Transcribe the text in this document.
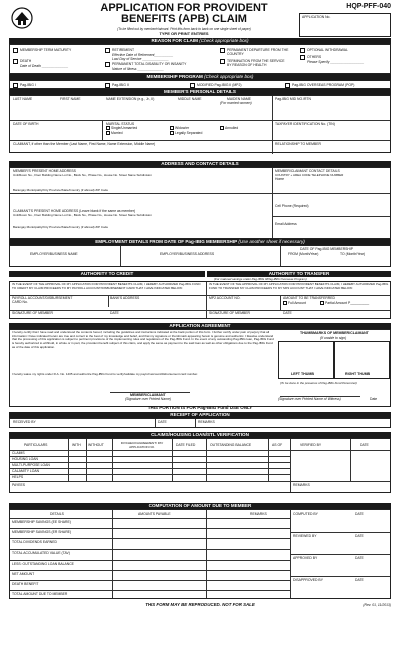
APPLICATION FOR PROVIDENT
BENEFITS (APB) CLAIM
(To be filled out by member/claimant. Print this form back to back on one single sheet of paper)
TYPE OR PRINT ENTRIES
HQP-PFF-040
APPLICATION No.
REASON FOR CLAIM (Check appropriate box)
MEMBERSHIP TERM MATURITY
DEATH
Date of Death ______________
RETIREMENT
Effective Date of Retirement__________
Last Day of Service ______________
PERMANENT TOTAL DISABILITY OR INSANITY
Nature of Illness ______________
PERMANENT DEPARTURE FROM THE COUNTRY
TERMINATION FROM THE SERVICE BY REASON OF HEALTH
OPTIONAL WITHDRAWAL
OTHERS
Please Specify __________________
MEMBERSHIP PROGRAM (Check appropriate box)
Pag-IBIG I	Pag-IBIG II	MODIFIED Pag-IBIG II (MP2)	Pag-IBIG OVERSEAS PROGRAM (POP)
MEMBER'S PERSONAL DETAILS
LAST NAME	FIRST NAME	NAME EXTENSION (e.g., Jr., II)	MIDDLE NAME	MAIDEN NAME
(For married women)
Pag-IBIG MID NO./RTN
DATE OF BIRTH	MARITAL STATUS
Single/Unmarried	Widow/er	Annulled
Married	Legally Separated
TAXPAYER IDENTIFICATION No. (TIN)
CLAIMANT, if other than the Member (Last Name, First Name, Name Extension, Middle Name)	RELATIONSHIP TO MEMBER
ADDRESS AND CONTACT DETAILS
MEMBER'S PRESENT HOME ADDRESS
Unit/Room No., Floor Building Name Lot No., Block No., Phase No., House No. Street Name Subdivision
Barangay Municipality/City Province/State/Country (if abroad) ZIP Code
CLAIMANT'S PRESENT HOME ADDRESS (Leave blank if the same as member)
Unit/Room No., Floor Building Name Lot No., Block No., Phase No., House No. Street Name Subdivision
Barangay Municipality/City Province/State/Country (if abroad) ZIP Code
MEMBER/CLAIMANT CONTACT DETAILS
COUNTRY + AREA CODE TELEPHONE NUMBER
Home
Cell Phone (Required)
Email Address
EMPLOYMENT DETAILS FROM DATE OF Pag-IBIG MEMBERSHIP (Use another sheet if necessary)
EMPLOYER/BUSINESS NAME	EMPLOYER/BUSINESS ADDRESS
DATE OF Pag-IBIG MEMBERSHIP
FROM (Month/Year)	TO (Month/Year)
AUTHORITY TO CREDIT	AUTHORITY TO TRANSFER
(For matured savings under Pag-IBIG II/Pag-IBIG Overseas Program)
IN THE EVENT OF THE APPROVAL OF MY APPLICATION FOR PROVIDENT BENEFITS CLAIM, I HEREBY AUTHORIZED Pag-IBIG FUND TO CREDIT MY CLAIM PROCEEDS TO MY PAYROLL ACCOUNT/DISBURSEMENT CARD THAT I HAVE INDICATED BELOW:
PAYROLL ACCOUNT/DISBURSEMENT CARD No.
BANK'S ADDRESS
SIGNATURE OF MEMBER	DATE
IN THE EVENT OF THE APPROVAL OF MY APPLICATION FOR PROVIDENT BENEFITS CLAIM, I HEREBY AUTHORIZED Pag-IBIG FUND TO TRANSFER MY CLAIM PROCEEDS TO MY MP2 ACCOUNT THAT I HAVE INDICATED BELOW:
MP2 ACCOUNT NO.	AMOUNT TO BE TRANSFERRED
Full Amount	Partial Amount P__________
SIGNATURE OF MEMBER	DATE
APPLICATION AGREEMENT
I hereby certify that I have read and understood the contents hereof, including the guidelines and instructions indicated at the back portion of this form. I further certify under pain of perjury that all information I have indicated herein are true and correct to the best of my knowledge and belief, and that my signature or thumbmark appearing herein is genuine and authentic. I likewise understand that the processing of this application is subject to pertinent provisions of the implementing rules and regulations of the Pag-IBIG Fund. In the event of any outstanding Pag-IBIG loan, Pag-IBIG Fund is hereby authorized to withhold, in whole or in part, the provident benefit subject of this claim, and apply the same as payment to the said loan as well as other obligations due to the Pag-IBIG Fund as of the date of this application.
I hereby waive my rights under R.A. No. 1405 and authorize Pag-IBIG Fund to verify/validate my payroll account/disbursement card number.
THUMBMARKS OF MEMBER/CLAIMANT
(If unable to sign)
LEFT THUMB	RIGHT THUMB
(To be done in the presence of Pag-IBIG Fund Personnel)
MEMBER/CLAIMANT
(Signature over Printed Name)	(Signature over Printed Name of Witness)	Date
THIS PORTION IS FOR Pag-IBIG Fund USE ONLY
RECEIPT OF APPLICATION
RECEIVED BY	DATE	REMARKS
CLAIMS/HOUSING LOAN/STL VERIFICATION
PARTICULARS	WITH WITHOUT	DV/CHECK/AGREEMENT/ PAY APPLICATION NO.	DATE FILED	OUTSTANDING BALANCE	AS OF	VERIFIED BY	DATE
CLAIMS
HOUSING LOAN
MULTI-PURPOSE LOAN
CALAMITY LOAN
HELPS
PAYEES	REMARKS
COMPUTATION OF AMOUNT DUE TO MEMBER
DETAILS	AMOUNTS PAYABLE	REMARKS
MEMBERSHIP SAVINGS (EE SHARE)
MEMBERSHIP SAVINGS (ER SHARE)
TOTAL DIVIDENDS EARNED
TOTAL ACCUMULATED VALUE (TAV)
LESS: OUTSTANDING LOAN BALANCE
NET AMOUNT
DEATH BENEFIT
TOTAL AMOUNT DUE TO MEMBER
COMPUTED BY	DATE
REVIEWED BY	DATE
APPROVED BY	DATE
DISAPPROVED BY	DATE
THIS FORM MAY BE REPRODUCED. NOT FOR SALE	(Rev. 01, 11/2013)
